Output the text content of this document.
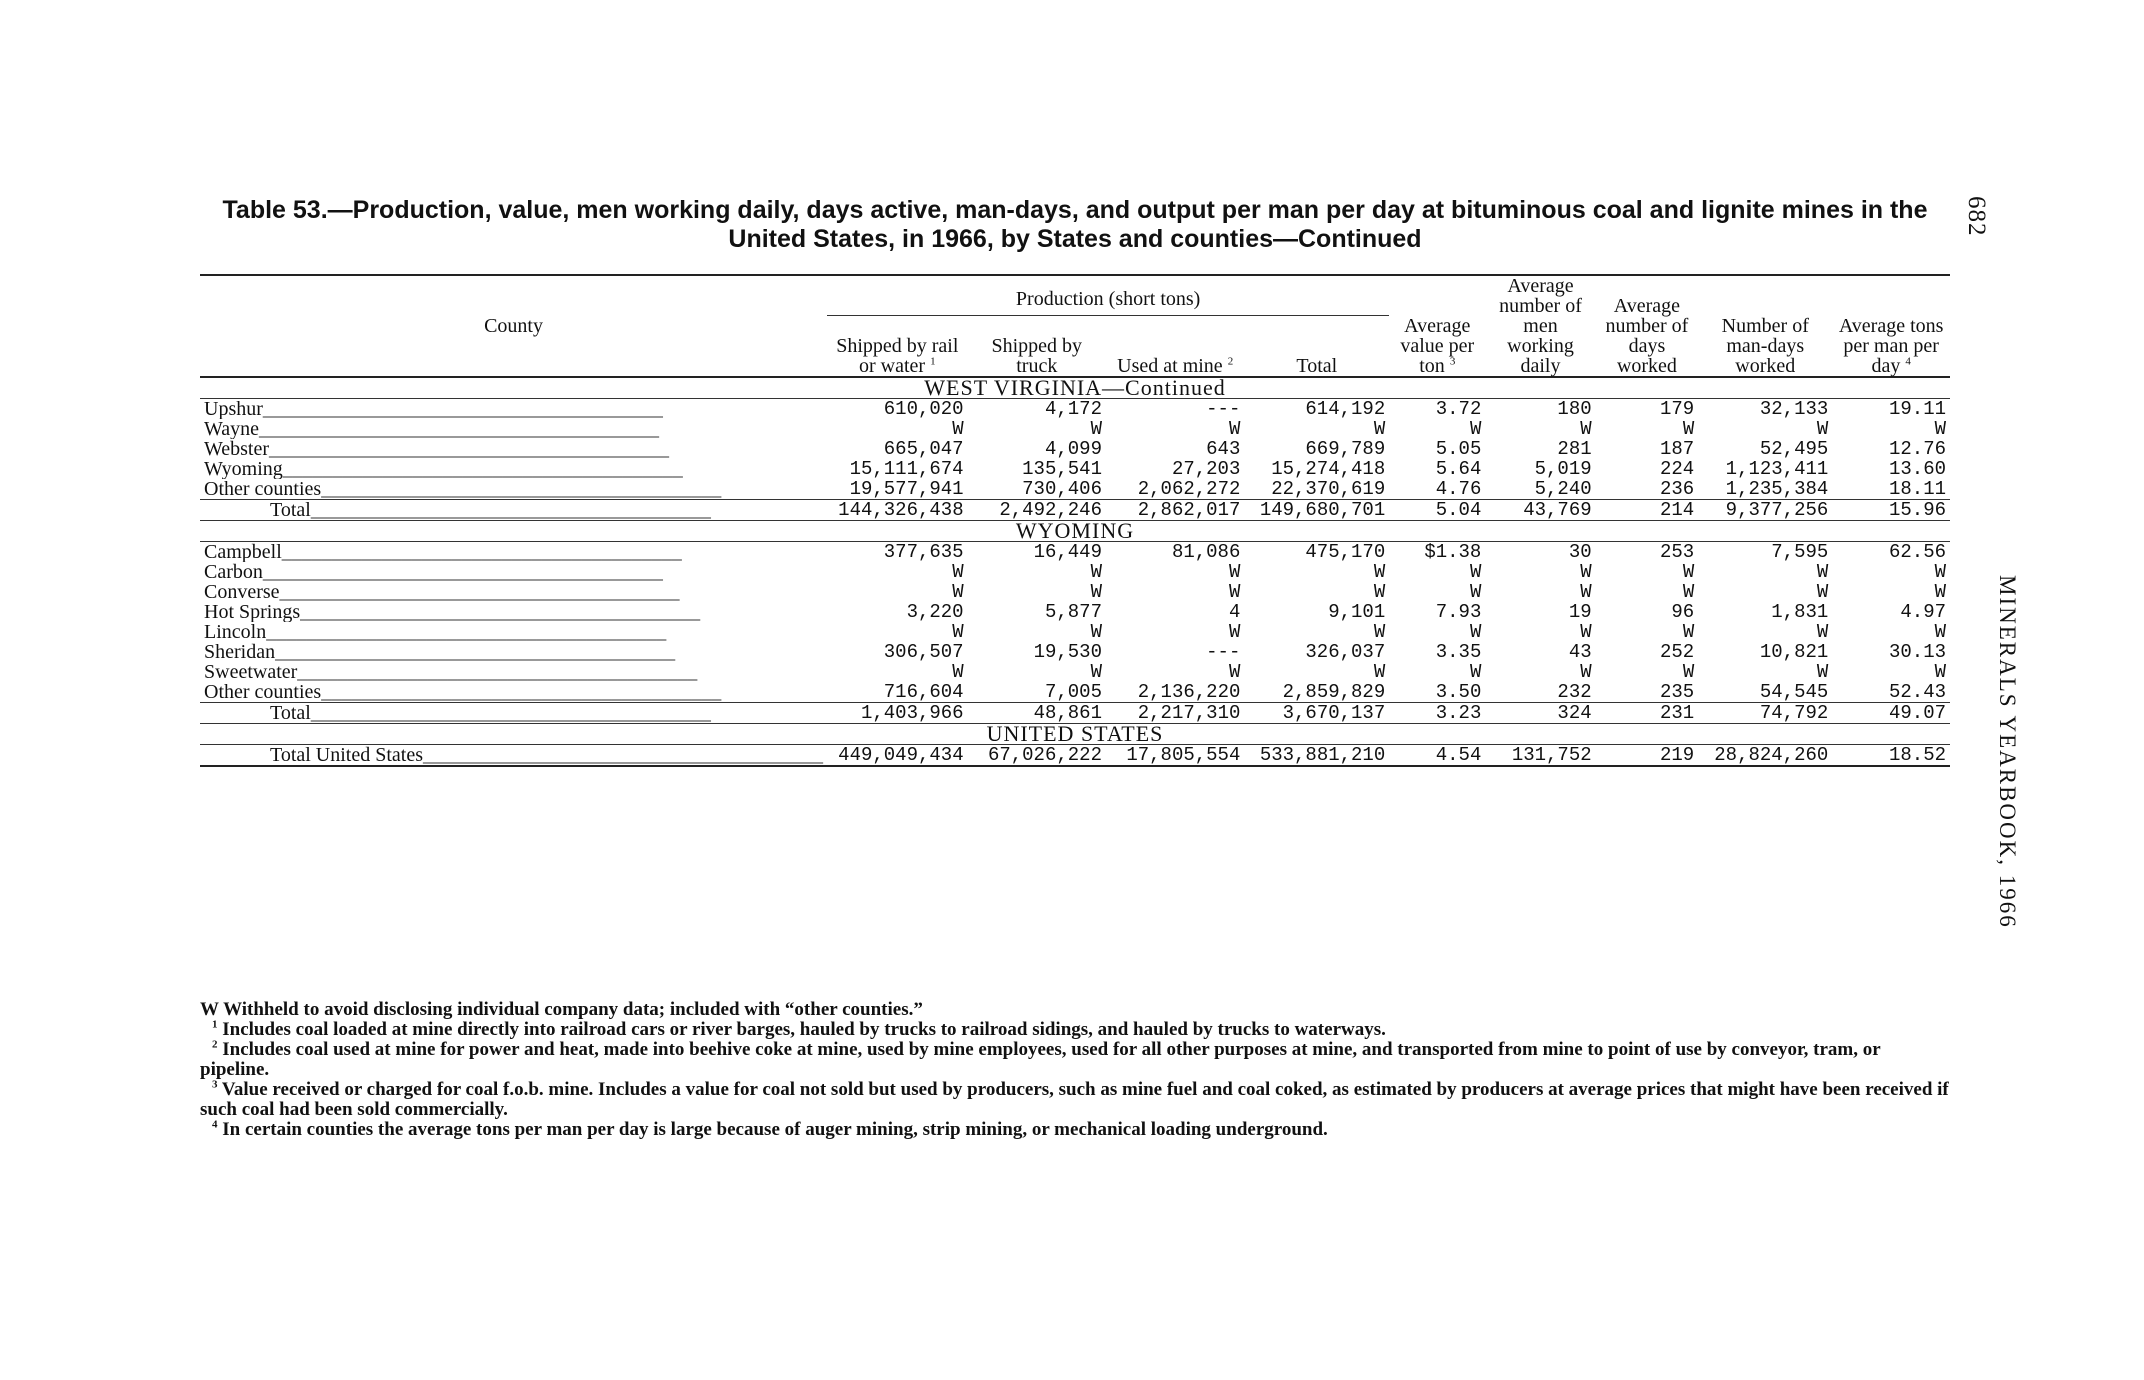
Table 53.—Production, value, men working daily, days active, man-days, and output per man per day at bituminous coal and lignite mines in the United States, in 1966, by States and counties—Continued
682
MINERALS YEARBOOK, 1966
County	Production (short tons)				Average value per ton $^3$	Average number of men working daily	Average number of days worked	Number of man-days worked	Average tons per man per day $^4$
	Shipped by rail or water $^1$	Shipped by truck	Used at mine $^2$	Total					
WEST VIRGINIA—Continued									
Upshur________________________________________	610,020	4,172	---	614,192	3.72	180	179	32,133	19.11
Wayne________________________________________	W	W	W	W	W	W	W	W	W
Webster________________________________________	665,047	4,099	643	669,789	5.05	281	187	52,495	12.76
Wyoming________________________________________	15,111,674	135,541	27,203	15,274,418	5.64	5,019	224	1,123,411	13.60
Other counties________________________________________	19,577,941	730,406	2,062,272	22,370,619	4.76	5,240	236	1,235,384	18.11
Total________________________________________	144,326,438	2,492,246	2,862,017	149,680,701	5.04	43,769	214	9,377,256	15.96
WYOMING									
Campbell________________________________________	377,635	16,449	81,086	475,170	$1.38	30	253	7,595	62.56
Carbon________________________________________	W	W	W	W	W	W	W	W	W
Converse________________________________________	W	W	W	W	W	W	W	W	W
Hot Springs________________________________________	3,220	5,877	4	9,101	7.93	19	96	1,831	4.97
Lincoln________________________________________	W	W	W	W	W	W	W	W	W
Sheridan________________________________________	306,507	19,530	---	326,037	3.35	43	252	10,821	30.13
Sweetwater________________________________________	W	W	W	W	W	W	W	W	W
Other counties________________________________________	716,604	7,005	2,136,220	2,859,829	3.50	232	235	54,545	52.43
Total________________________________________	1,403,966	48,861	2,217,310	3,670,137	3.23	324	231	74,792	49.07
UNITED STATES									
Total United States________________________________________	449,049,434	67,026,222	17,805,554	533,881,210	4.54	131,752	219	28,824,260	18.52

W Withheld to avoid disclosing individual company data; included with “other counties.”

$^1$ Includes coal loaded at mine directly into railroad cars or river barges, hauled by trucks to railroad sidings, and hauled by trucks to waterways.

$^2$ Includes coal used at mine for power and heat, made into beehive coke at mine, used by mine employees, used for all other purposes at mine, and transported from mine to point of use by conveyor, tram, or pipeline.

$^3$ Value received or charged for coal f.o.b. mine. Includes a value for coal not sold but used by producers, such as mine fuel and coal coked, as estimated by producers at average prices that might have been received if such coal had been sold commercially.

$^4$ In certain counties the average tons per man per day is large because of auger mining, strip mining, or mechanical loading underground.
